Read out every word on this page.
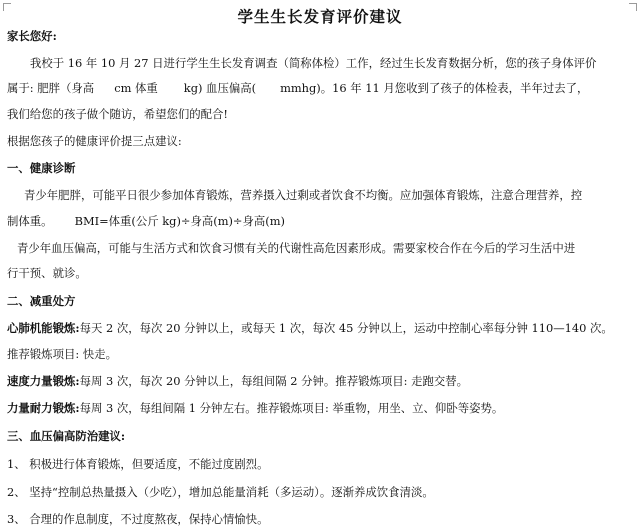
学生生长发育评价建议
家长您好:
我校于 16 年 10 月 27 日进行学生生长发育调查（简称体检）工作，经过生长发育数据分析，您的孩子身体评价
属于: 肥胖（身高 cm 体重 kg) 血压偏高( mmhg)。16 年 11 月您收到了孩子的体检表，半年过去了，
我们给您的孩子做个随访，希望您们的配合!
根据您孩子的健康评价提三点建议:
一、健康诊断
青少年肥胖，可能平日很少参加体育锻炼，营养摄入过剩或者饮食不均衡。应加强体育锻炼，注意合理营养，控
制体重。 BMI=体重(公斤 kg)÷身高(m)÷身高(m)
青少年血压偏高，可能与生活方式和饮食习惯有关的代谢性高危因素形成。需要家校合作在今后的学习生活中进
行干预、就诊。
二、减重处方
心肺机能锻炼:每天 2 次，每次 20 分钟以上，或每天 1 次，每次 45 分钟以上，运动中控制心率每分钟 110—140 次。
推荐锻炼项目: 快走。
速度力量锻炼:每周 3 次，每次 20 分钟以上，每组间隔 2 分钟。推荐锻炼项目: 走跑交替。
力量耐力锻炼:每周 3 次，每组间隔 1 分钟左右。推荐锻炼项目: 举重物，用坐、立、仰卧等姿势。
三、血压偏高防治建议:
1、 积极进行体育锻炼，但要适度，不能过度剧烈。
2、 坚持“控制总热量摄入（少吃），增加总能量消耗（多运动）。逐渐养成饮食清淡。
3、 合理的作息制度，不过度熬夜，保持心情愉快。
